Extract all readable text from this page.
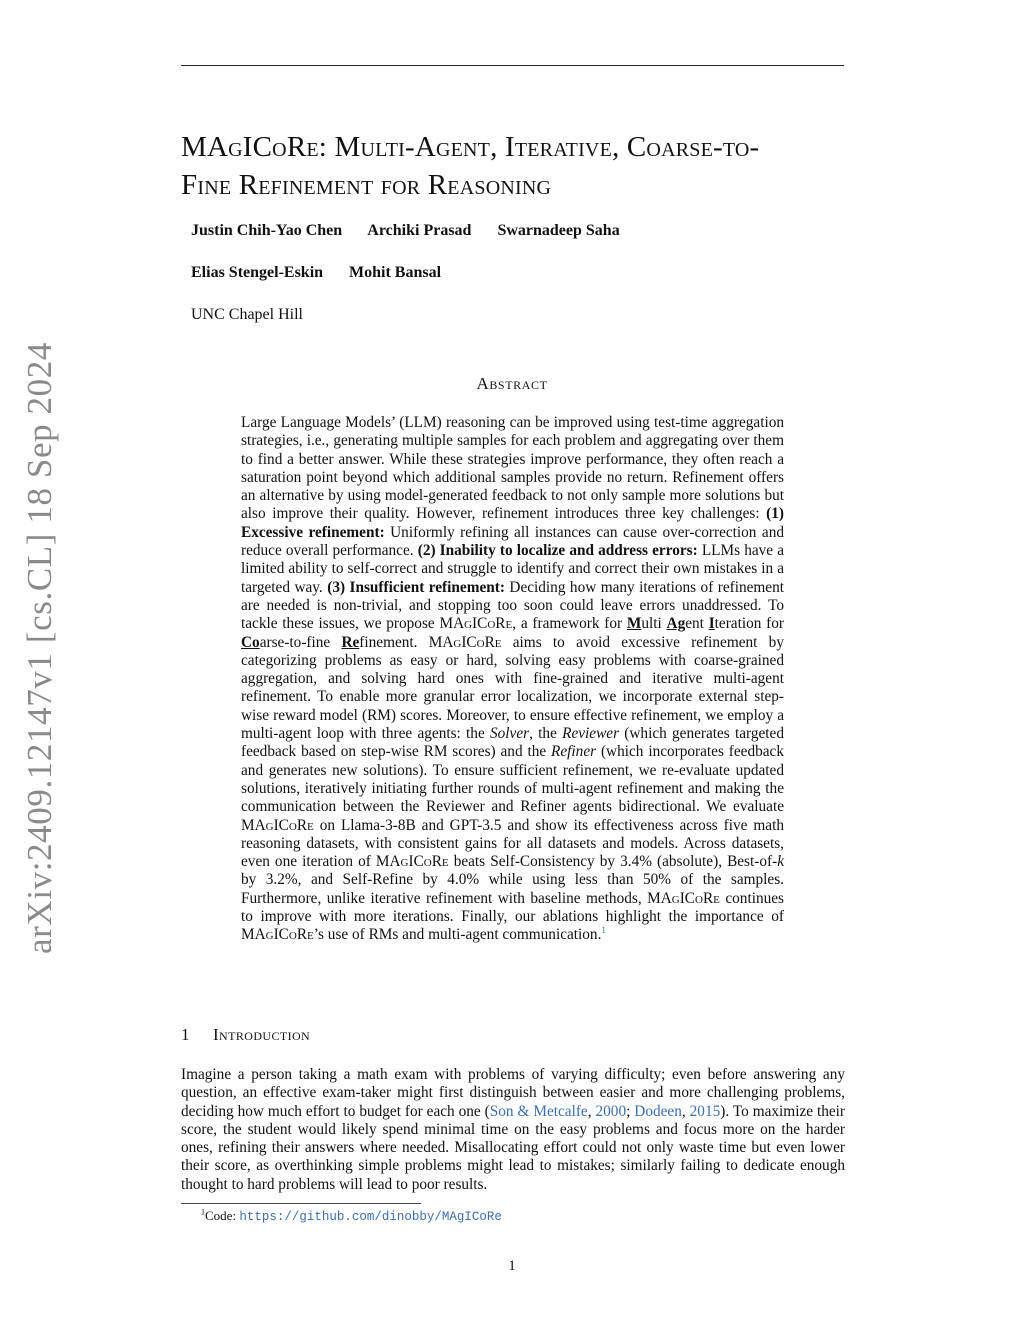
arXiv:2409.12147v1 [cs.CL] 18 Sep 2024
MAgICoRe: Multi-Agent, Iterative, Coarse-to-
Fine Refinement for Reasoning
Justin Chih-Yao Chen Archiki Prasad Swarnadeep Saha
Elias Stengel-Eskin Mohit Bansal
UNC Chapel Hill
Abstract

Large Language Models’ (LLM) reasoning can be improved using test-time aggregation strategies, i.e., generating multiple samples for each problem and aggregating over them to find a better answer. While these strategies improve performance, they often reach a saturation point beyond which additional samples provide no return. Refinement offers an alternative by using model-generated feedback to not only sample more solutions but also improve their quality. However, refinement introduces three key challenges: (1) Excessive refinement: Uniformly refining all instances can cause over-correction and reduce overall performance. (2) Inability to localize and address errors: LLMs have a limited ability to self-correct and struggle to identify and correct their own mistakes in a targeted way. (3) Insufficient refinement: Deciding how many iterations of refinement are needed is non-trivial, and stopping too soon could leave errors unaddressed. To tackle these issues, we propose MAgICoRe, a framework for Multi Agent Iteration for Coarse-to-fine Refinement. MAgICoRe aims to avoid excessive refinement by categorizing problems as easy or hard, solving easy problems with coarse-grained aggregation, and solving hard ones with fine-grained and iterative multi-agent refinement. To enable more granular error localization, we incorporate external step-wise reward model (RM) scores. Moreover, to ensure effective refinement, we employ a multi-agent loop with three agents: the Solver, the Reviewer (which generates targeted feedback based on step-wise RM scores) and the Refiner (which incorporates feedback and generates new solutions). To ensure sufficient refinement, we re-evaluate updated solutions, iteratively initiating further rounds of multi-agent refinement and making the communication between the Reviewer and Refiner agents bidirectional. We evaluate MAgICoRe on Llama-3-8B and GPT-3.5 and show its effectiveness across five math reasoning datasets, with consistent gains for all datasets and models. Across datasets, even one iteration of MAgICoRe beats Self-Consistency by 3.4% (absolute), Best-of-k by 3.2%, and Self-Refine by 4.0% while using less than 50% of the samples. Furthermore, unlike iterative refinement with baseline methods, MAgICoRe continues to improve with more iterations. Finally, our ablations highlight the importance of MAgICoRe’s use of RMs and multi-agent communication.$^1$

1 Introduction

Imagine a person taking a math exam with problems of varying difficulty; even before answering any question, an effective exam-taker might first distinguish between easier and more challenging problems, deciding how much effort to budget for each one (Son & Metcalfe, 2000; Dodeen, 2015). To maximize their score, the student would likely spend minimal time on the easy problems and focus more on the harder ones, refining their answers where needed. Misallocating effort could not only waste time but even lower their score, as overthinking simple problems might lead to mistakes; similarly failing to dedicate enough thought to hard problems will lead to poor results.

$^1$Code: https://github.com/dinobby/MAgICoRe
1
